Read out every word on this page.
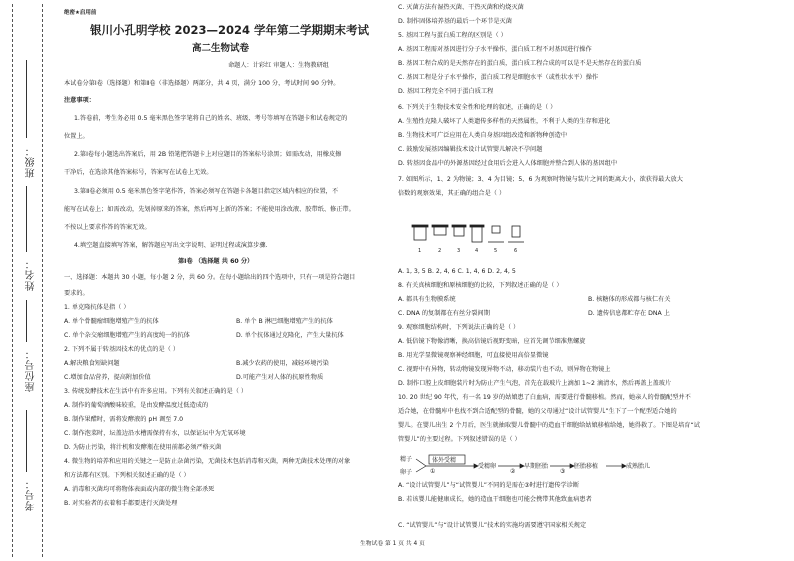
班级：
姓名：
座位号：
考号：
绝密★启用前
银川小孔明学校 2023—2024 学年第二学期期末考试
高二生物试卷
命题人：计彩红 审题人：生物教研组
本试卷分第Ⅰ卷（选择题）和第Ⅱ卷（非选择题）两部分，共 4 页，满分 100 分，考试时间 90 分钟。
注意事项：
1.答卷前，考生务必用 0.5 毫米黑色签字笔将自己的姓名、班级、考号等填写在答题卡和试卷规定的
位置上。
2.第Ⅰ卷每小题选出答案后，用 2B 铅笔把答题卡上对应题目的答案标号涂黑；如需改动，用橡皮擦
干净后，在选涂其他答案标号，答案写在试卷上无效。
3.第Ⅱ卷必须用 0.5 毫米黑色签字笔作答，答案必须写在答题卡各题目指定区域内相应的位置，不
能写在试卷上；如需改动，先划掉原来的答案，然后再写上新的答案；不能使用涂改液、胶带纸、修正带。
不按以上要求作答的答案无效。
4.填空题直接填写答案，解答题应写出文字说明、证明过程或演算步骤.
第Ⅰ卷 （选择题 共 60 分）
一、选择题：本题共 30 小题，每小题 2 分，共 60 分。在每小题给出的四个选项中，只有一项是符合题目
要求的。
1. 单克隆抗体是指（ ）
A. 单个骨髓瘤细胞增殖产生的抗体	B. 单个 B 淋巴细胞增殖产生的抗体
C. 单个杂交瘤细胞增殖产生的高度纯一的抗体	D. 单个抗体通过克隆化，产生大量抗体
2. 下列不属于转基因技术的优点的是（ ）
A.解决粮食短缺问题	B.减少农药的使用，减轻环境污染
C.增加食品营养，提高附加价值	D.可能产生对人体的抗原性物质
3. 传统发酵技术在生活中有许多应用。下列有关叙述正确的是（ ）
A. 制作的葡萄酒酸味较重，是由发酵温度过低造成的
B. 制作果醋时，需将发酵液的 pH 调至 7.0
C. 制作泡菜时，坛盖边沿水槽需保持有水，以保证坛中为无氧环境
D. 为防止污染，将汁机和发酵瓶在使用前都必须严格灭菌
4. 微生物的培养和应用的关键之一是防止杂菌污染，无菌技术包括消毒和灭菌，两种无菌技术处理的对象
和方法都有区别。下列相关叙述正确的是（ ）
A. 消毒和灭菌均可将物体表面或内部的微生物全部杀死
B. 对实验者的衣着和手都要进行灭菌处理
C. 灭菌方法有湿热灭菌、干热灭菌和灼烧灭菌
D. 制作固体培养基的最后一个环节是灭菌
5. 基因工程与蛋白质工程的区别是（ ）
A. 基因工程需对基因进行分子水平操作，蛋白质工程不对基因进行操作
B. 基因工程合成的是天然存在的蛋白质，蛋白质工程合成的可以是不是天然存在的蛋白质
C. 基因工程是分子水平操作，蛋白质工程是细胞水平（或性状水平）操作
D. 基因工程完全不同于蛋白质工程
6. 下列关于生物技术安全性和伦理的叙述，正确的是（ ）
A. 生殖性克隆人破坏了人类遗传多样性的天然属性，不利于人类的生存和进化
B. 生物技术可广泛应用在人类自身基因组改造和新物种创造中
C. 鼓励发展基因编辑技术设计试管婴儿解决不孕问题
D. 转基因食品中的外源基因经过食用后会进入人体细胞并整合到人体的基因组中
7. 如图所示，1、2 为物镜；3、4 为目镜；5、6 为观察时物镜与装片之间的距离大小，欲获得最大放大
倍数的观察效果，其正确的组合是（ ）
1	2	3	4	5	6
A. 1, 3, 5 B. 2, 4, 6 C. 1, 4, 6 D. 2, 4, 5
8. 有关真核细胞和原核细胞的比较，下列叙述正确的是（ ）
A. 都具有生物膜系统	B. 核糖体的形成都与核仁有关
C. DNA 的复制都在有丝分裂间期	D. 遗传信息都贮存在 DNA 上
9. 观察细胞结构时，下列说法正确的是（ ）
A. 低倍镜下物像清晰，换高倍镜后视野变暗，应首先调节细准焦螺旋
B. 用光学显微镜观察神经细胞，可直接使用高倍显微镜
C. 视野中有异物，转动物镜发现异物不动，移动装片也不动，则异物在物镜上
D. 制作口腔上皮细胞装片时为防止产生气泡，首先在载玻片上滴加 1~2 滴清水，然后再盖上盖玻片
10. 20 世纪 90 年代，有一名 19 岁的姑娘患了白血病，需要进行骨髓移植。然而，她亲人的骨髓配型并不
适合她，在骨髓库中也找不到合适配型的骨髓，她的父母通过“设计试管婴儿”生下了一个配型适合她的
婴儿。在婴儿出生 2 个月后，医生就抽取婴儿骨髓中的造血干细胞给姑娘移植给她，她得救了。下图是培育“试
管婴儿”的主要过程。下列叙述错误的是（ ）
精子
卵子
体外受精
①
受精卵
②
早期胚胎
③
胚胎移植	成熟胎儿
A. “设计试管婴儿”与“试管婴儿”不同的是需在③时进行遗传学诊断
B. 若该婴儿能健康成长，她的造血干细胞也可能会携带其他致血病患者
C. “试管婴儿”与“设计试管婴儿”技术的实施均需要遵守国家相关规定
生物试卷 第 1 页 共 4 页
